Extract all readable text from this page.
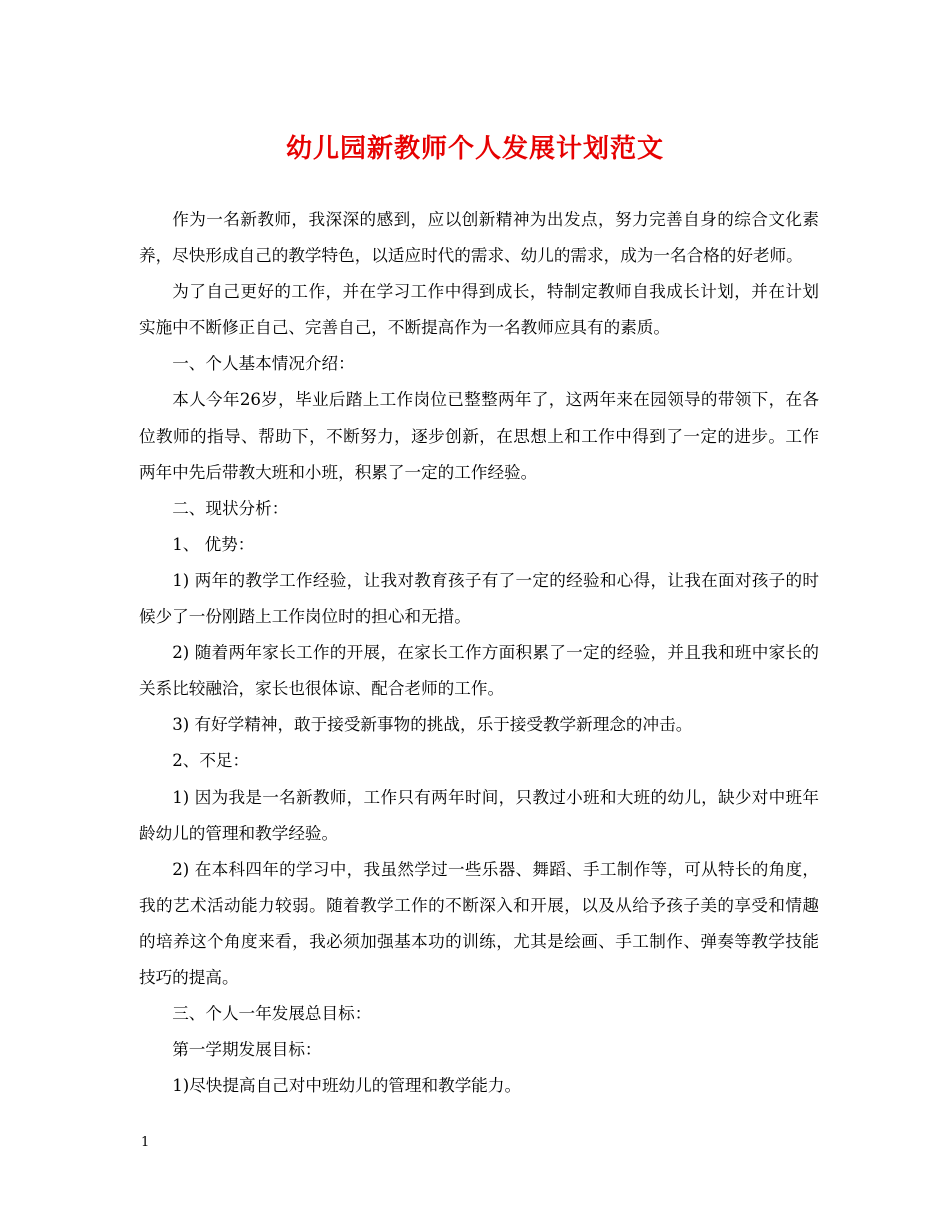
幼儿园新教师个人发展计划范文

作为一名新教师，我深深的感到，应以创新精神为出发点，努力完善自身的综合文化素养，尽快形成自己的教学特色，以适应时代的需求、幼儿的需求，成为一名合格的好老师。

为了自己更好的工作，并在学习工作中得到成长，特制定教师自我成长计划，并在计划实施中不断修正自己、完善自己，不断提高作为一名教师应具有的素质。

一、个人基本情况介绍：

本人今年26岁，毕业后踏上工作岗位已整整两年了，这两年来在园领导的带领下，在各位教师的指导、帮助下，不断努力，逐步创新，在思想上和工作中得到了一定的进步。工作两年中先后带教大班和小班，积累了一定的工作经验。

二、现状分析：

1、 优势：

1) 两年的教学工作经验，让我对教育孩子有了一定的经验和心得，让我在面对孩子的时候少了一份刚踏上工作岗位时的担心和无措。

2) 随着两年家长工作的开展，在家长工作方面积累了一定的经验，并且我和班中家长的关系比较融洽，家长也很体谅、配合老师的工作。

3) 有好学精神，敢于接受新事物的挑战，乐于接受教学新理念的冲击。

2、不足：

1) 因为我是一名新教师，工作只有两年时间，只教过小班和大班的幼儿，缺少对中班年龄幼儿的管理和教学经验。

2) 在本科四年的学习中，我虽然学过一些乐器、舞蹈、手工制作等，可从特长的角度，我的艺术活动能力较弱。随着教学工作的不断深入和开展，以及从给予孩子美的享受和情趣的培养这个角度来看，我必须加强基本功的训练，尤其是绘画、手工制作、弹奏等教学技能技巧的提高。

三、个人一年发展总目标：

第一学期发展目标：

1)尽快提高自己对中班幼儿的管理和教学能力。

1
